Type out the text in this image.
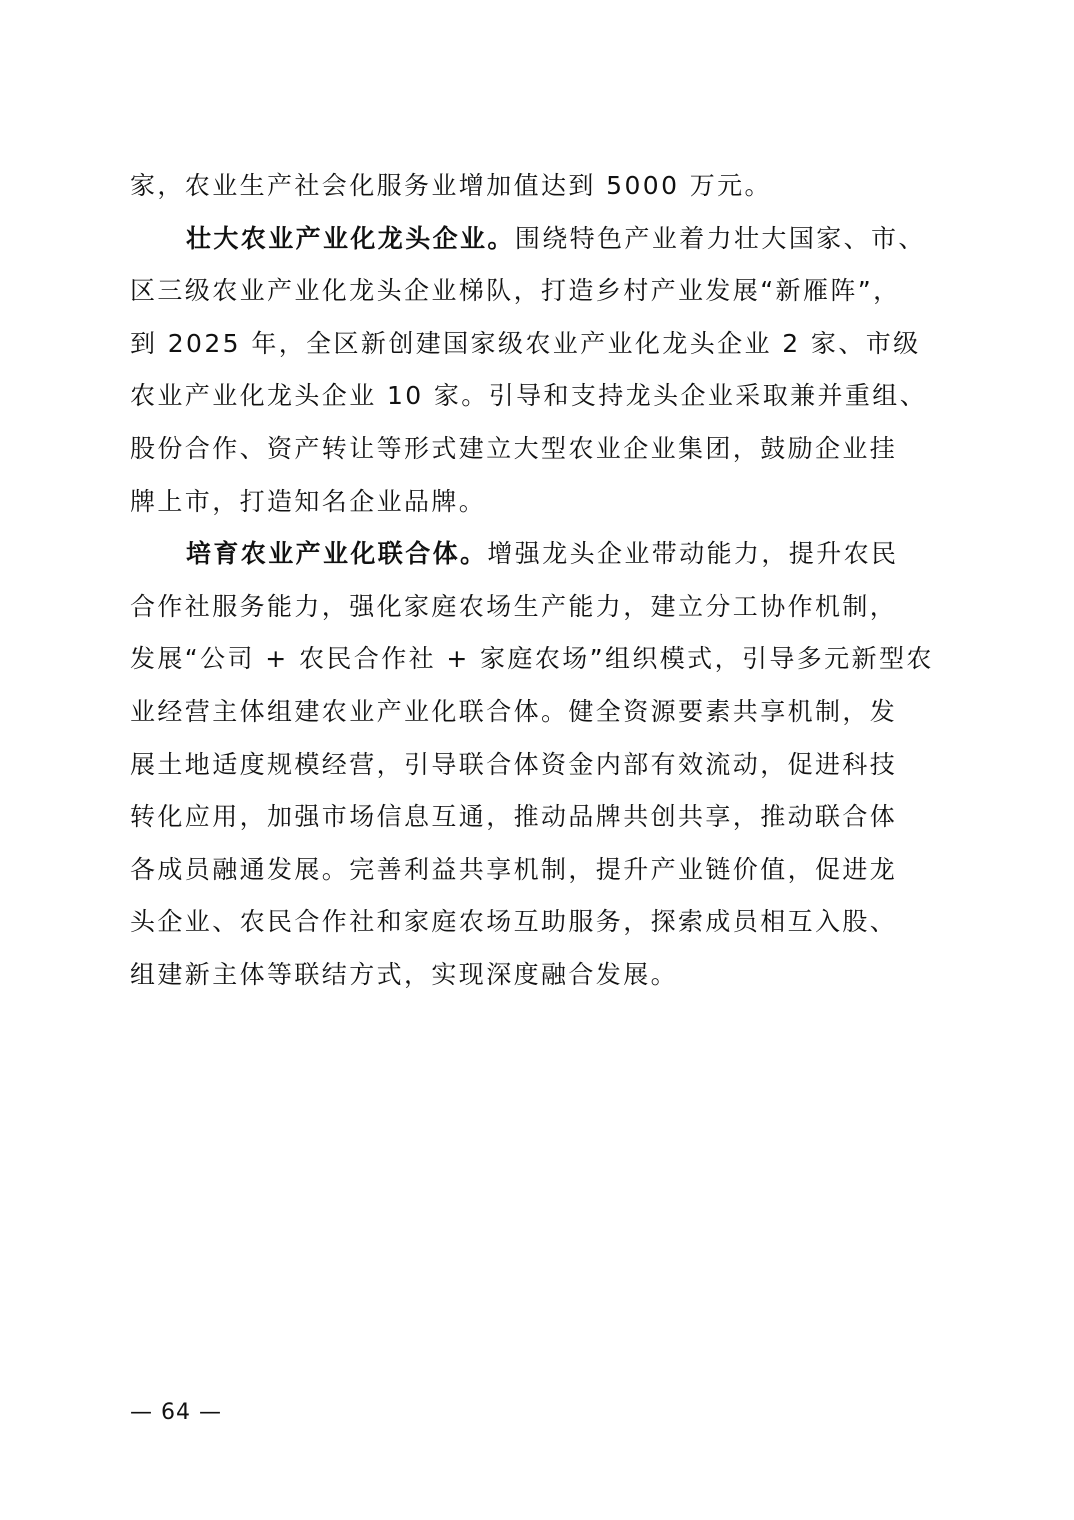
家，农业生产社会化服务业增加值达到 5000 万元。
壮大农业产业化龙头企业。围绕特色产业着力壮大国家、市、
区三级农业产业化龙头企业梯队，打造乡村产业发展“新雁阵”，
到 2025 年，全区新创建国家级农业产业化龙头企业 2 家、市级
农业产业化龙头企业 10 家。引导和支持龙头企业采取兼并重组、
股份合作、资产转让等形式建立大型农业企业集团，鼓励企业挂
牌上市，打造知名企业品牌。
培育农业产业化联合体。增强龙头企业带动能力，提升农民
合作社服务能力，强化家庭农场生产能力，建立分工协作机制，
发展“公司 + 农民合作社 + 家庭农场”组织模式，引导多元新型农
业经营主体组建农业产业化联合体。健全资源要素共享机制，发
展土地适度规模经营，引导联合体资金内部有效流动，促进科技
转化应用，加强市场信息互通，推动品牌共创共享，推动联合体
各成员融通发展。完善利益共享机制，提升产业链价值，促进龙
头企业、农民合作社和家庭农场互助服务，探索成员相互入股、
组建新主体等联结方式，实现深度融合发展。
— 64 —
